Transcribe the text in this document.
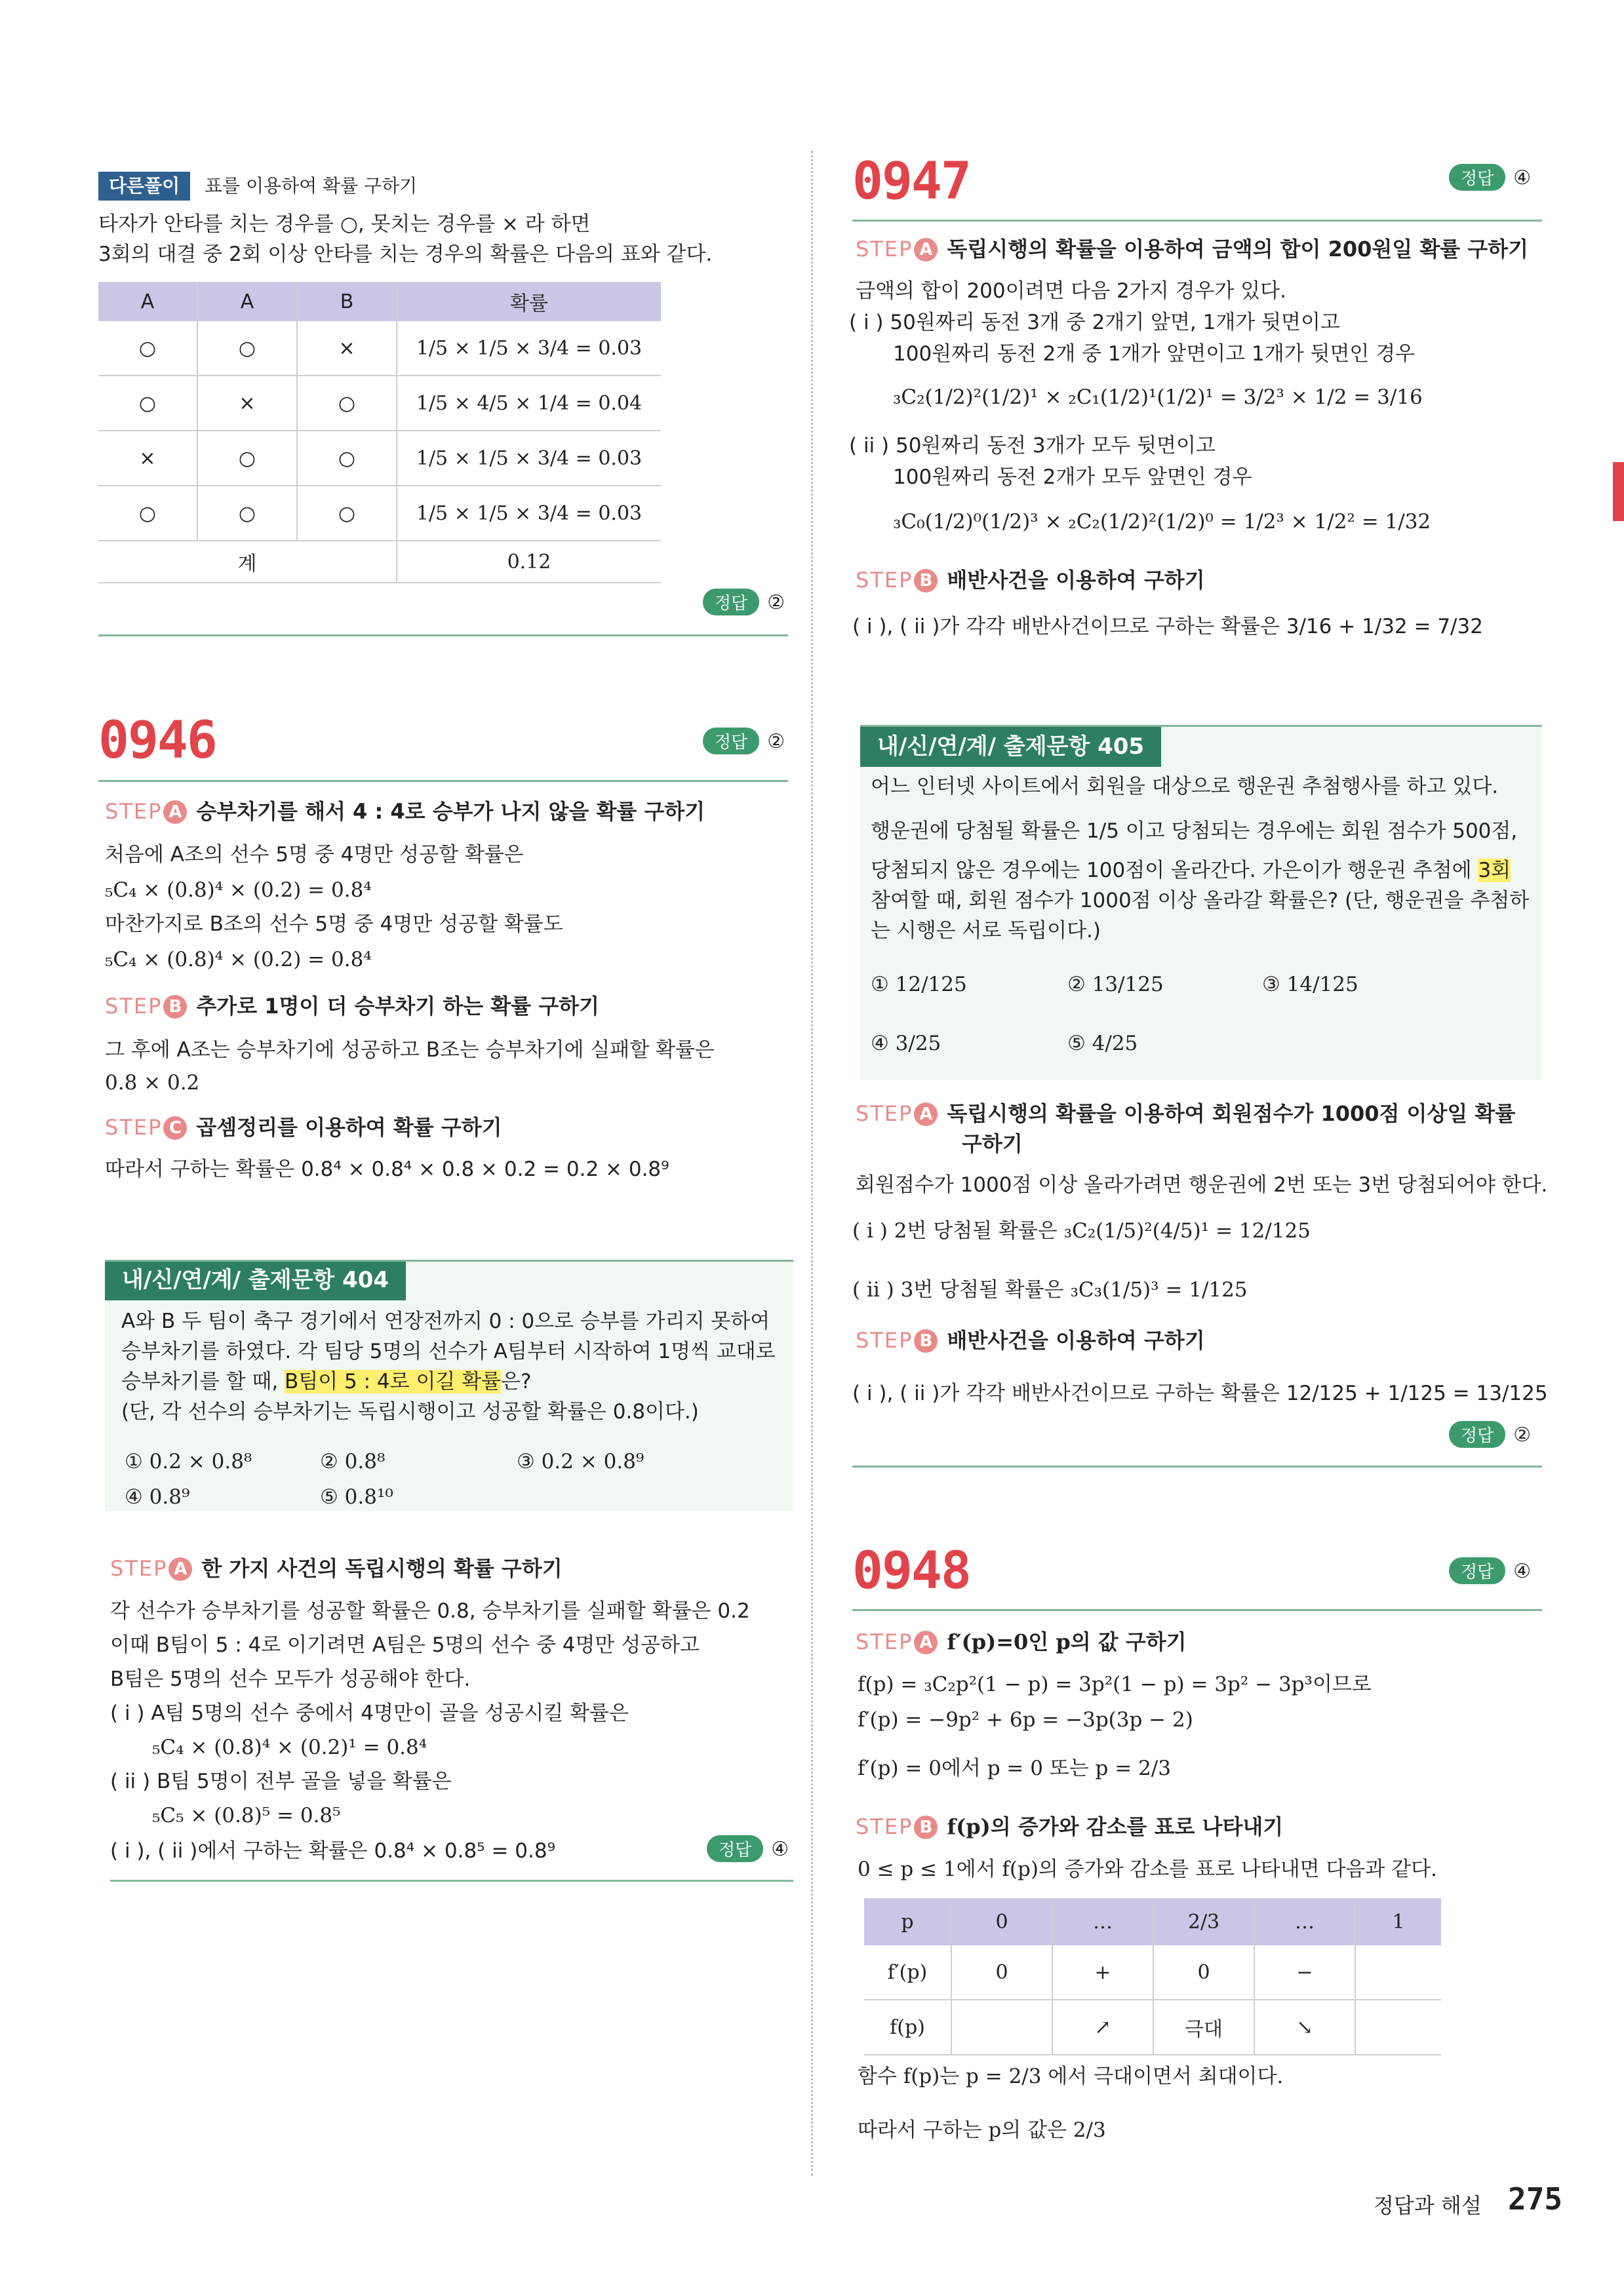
다른풀이	표를 이용하여 확률 구하기
타자가 안타를 치는 경우를 ○, 못치는 경우를 × 라 하면
3회의 대결 중 2회 이상 안타를 치는 경우의 확률은 다음의 표와 같다.
A	A	B	확률
○	○	×	1/5 × 1/5 × 3/4 = 0.03
○	×	○	1/5 × 4/5 × 1/4 = 0.04
×	○	○	1/5 × 1/5 × 3/4 = 0.03
○	○	○	1/5 × 1/5 × 3/4 = 0.03
계			0.12
정답 ②
0946	정답 ②
STEP A 승부차기를 해서 4 : 4로 승부가 나지 않을 확률 구하기
처음에 A조의 선수 5명 중 4명만 성공할 확률은
₅C₄ × (0.8)⁴ × (0.2) = 0.8⁴
마찬가지로 B조의 선수 5명 중 4명만 성공할 확률도
₅C₄ × (0.8)⁴ × (0.2) = 0.8⁴
STEP B 추가로 1명이 더 승부차기 하는 확률 구하기
그 후에 A조는 승부차기에 성공하고 B조는 승부차기에 실패할 확률은
0.8 × 0.2
STEP C 곱셈정리를 이용하여 확률 구하기
따라서 구하는 확률은 0.8⁴ × 0.8⁴ × 0.8 × 0.2 = 0.2 × 0.8⁹
내/신/연/계/ 출제문항 404
A와 B 두 팀이 축구 경기에서 연장전까지 0 : 0으로 승부를 가리지 못하여
승부차기를 하였다. 각 팀당 5명의 선수가 A팀부터 시작하여 1명씩 교대로
승부차기를 할 때, B팀이 5 : 4로 이길 확률은?
(단, 각 선수의 승부차기는 독립시행이고 성공할 확률은 0.8이다.)
① 0.2 × 0.8⁸	② 0.8⁸	③ 0.2 × 0.8⁹
④ 0.8⁹	⑤ 0.8¹⁰
STEP A 한 가지 사건의 독립시행의 확률 구하기
각 선수가 승부차기를 성공할 확률은 0.8, 승부차기를 실패할 확률은 0.2
이때 B팀이 5 : 4로 이기려면 A팀은 5명의 선수 중 4명만 성공하고
B팀은 5명의 선수 모두가 성공해야 한다.
( i ) A팀 5명의 선수 중에서 4명만이 골을 성공시킬 확률은
₅C₄ × (0.8)⁴ × (0.2)¹ = 0.8⁴
( ii ) B팀 5명이 전부 골을 넣을 확률은
₅C₅ × (0.8)⁵ = 0.8⁵
( i ), ( ii )에서 구하는 확률은 0.8⁴ × 0.8⁵ = 0.8⁹	정답 ④
0947	정답 ④
STEP A 독립시행의 확률을 이용하여 금액의 합이 200원일 확률 구하기
금액의 합이 200이려면 다음 2가지 경우가 있다.
( i ) 50원짜리 동전 3개 중 2개기 앞면, 1개가 뒷면이고
100원짜리 동전 2개 중 1개가 앞면이고 1개가 뒷면인 경우
₃C₂(1/2)²(1/2)¹ × ₂C₁(1/2)¹(1/2)¹ = 3/2³ × 1/2 = 3/16
( ii ) 50원짜리 동전 3개가 모두 뒷면이고
100원짜리 동전 2개가 모두 앞면인 경우
₃C₀(1/2)⁰(1/2)³ × ₂C₂(1/2)²(1/2)⁰ = 1/2³ × 1/2² = 1/32
STEP B 배반사건을 이용하여 구하기
( i ), ( ii )가 각각 배반사건이므로 구하는 확률은 3/16 + 1/32 = 7/32
내/신/연/계/ 출제문항 405
어느 인터넷 사이트에서 회원을 대상으로 행운권 추첨행사를 하고 있다.
행운권에 당첨될 확률은 1/5 이고 당첨되는 경우에는 회원 점수가 500점,
당첨되지 않은 경우에는 100점이 올라간다. 가은이가 행운권 추첨에 3회
참여할 때, 회원 점수가 1000점 이상 올라갈 확률은? (단, 행운권을 추첨하
는 시행은 서로 독립이다.)
① 12/125	② 13/125	③ 14/125
④ 3/25	⑤ 4/25
STEP A 독립시행의 확률을 이용하여 회원점수가 1000점 이상일 확률
구하기
회원점수가 1000점 이상 올라가려면 행운권에 2번 또는 3번 당첨되어야 한다.
( i ) 2번 당첨될 확률은 ₃C₂(1/5)²(4/5)¹ = 12/125
( ii ) 3번 당첨될 확률은 ₃C₃(1/5)³ = 1/125
STEP B 배반사건을 이용하여 구하기
( i ), ( ii )가 각각 배반사건이므로 구하는 확률은 12/125 + 1/125 = 13/125
정답 ②
0948	정답 ④
STEP A f′(p)=0인 p의 값 구하기
f(p) = ₃C₂p²(1 − p) = 3p²(1 − p) = 3p² − 3p³이므로
f′(p) = −9p² + 6p = −3p(3p − 2)
f′(p) = 0에서 p = 0 또는 p = 2/3
STEP B f(p)의 증가와 감소를 표로 나타내기
0 ≤ p ≤ 1에서 f(p)의 증가와 감소를 표로 나타내면 다음과 같다.
p	0	…	2/3	…	1
f′(p)	0	+	0	−	
f(p)		↗	극대	↘	
함수 f(p)는 p = 2/3 에서 극대이면서 최대이다.
따라서 구하는 p의 값은 2/3
정답과 해설 275
